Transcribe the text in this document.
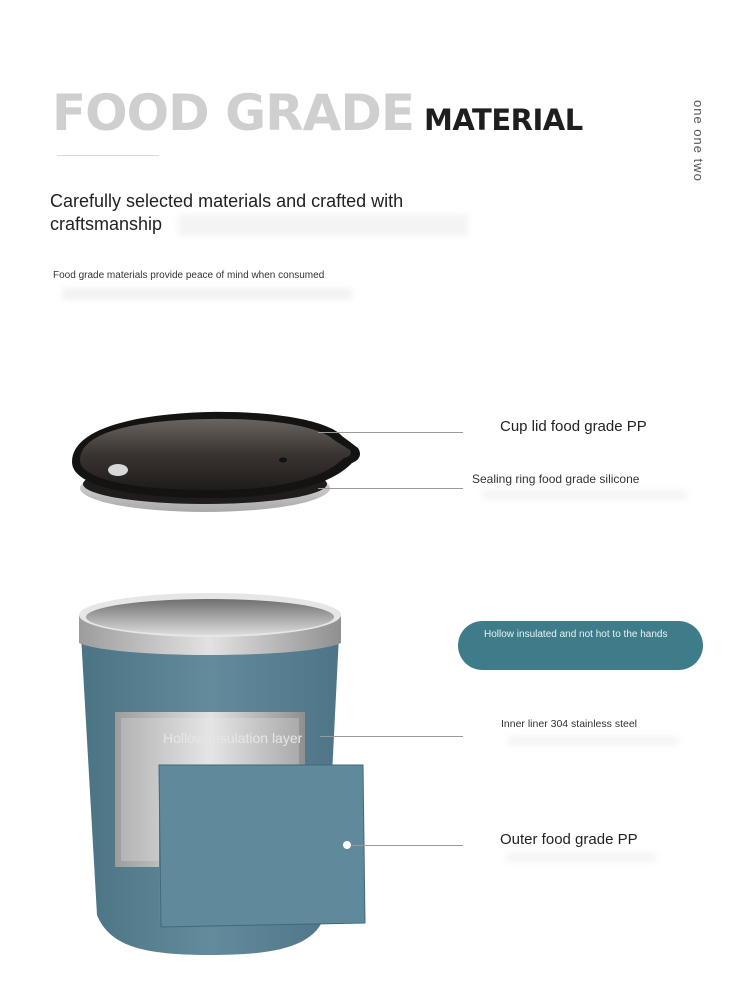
FOOD GRADE MATERIAL	one one two
Carefully selected materials and crafted with craftsmanship
Food grade materials provide peace of mind when consumed
Cup lid food grade PP
Sealing ring food grade silicone
Hollow insulated and not hot to the hands
Hollow insulation layer
Inner liner 304 stainless steel
Outer food grade PP
